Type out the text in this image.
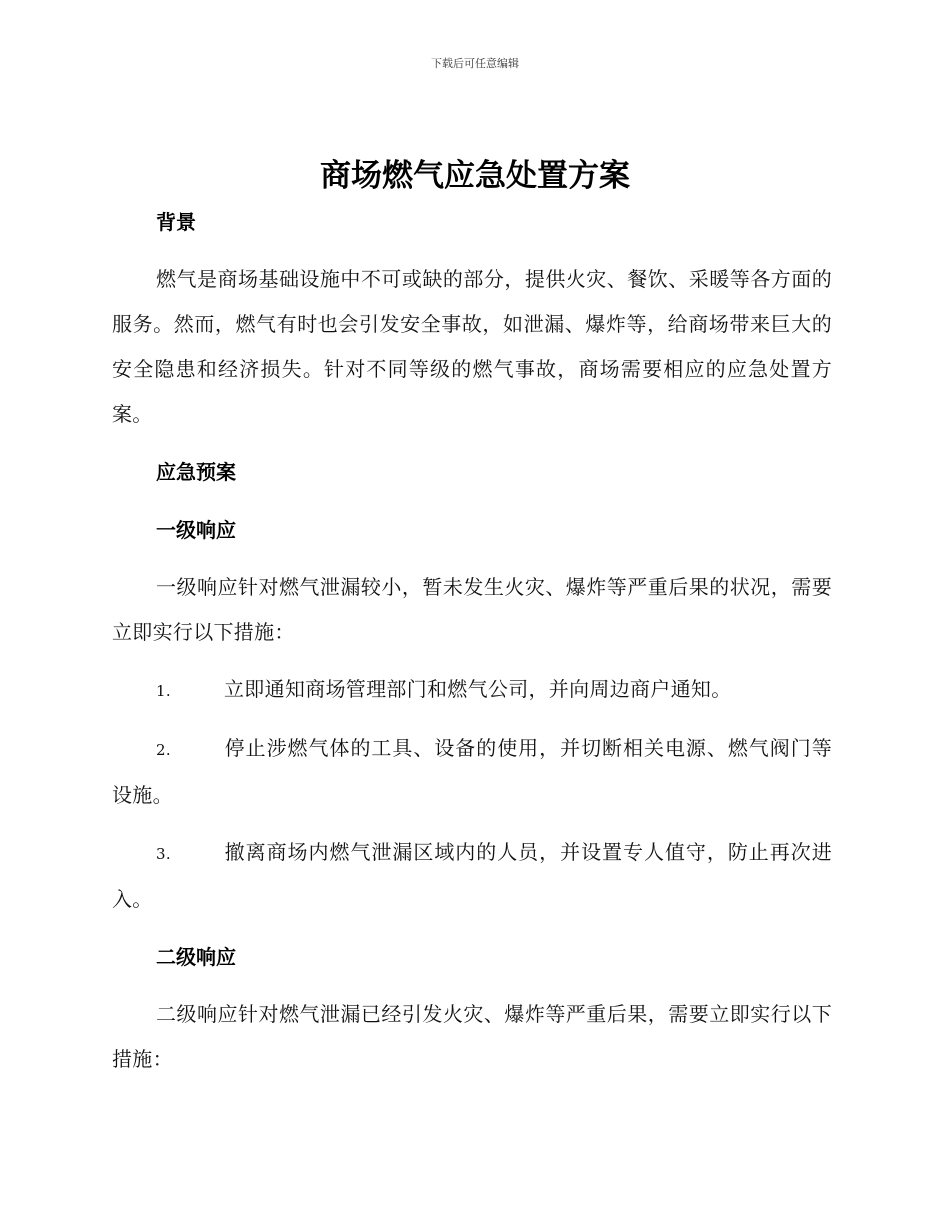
下载后可任意编辑
商场燃气应急处置方案

背景

燃气是商场基础设施中不可或缺的部分，提供火灾、餐饮、采暖等各方面的服务。然而，燃气有时也会引发安全事故，如泄漏、爆炸等，给商场带来巨大的安全隐患和经济损失。针对不同等级的燃气事故，商场需要相应的应急处置方案。

应急预案

一级响应

一级响应针对燃气泄漏较小，暂未发生火灾、爆炸等严重后果的状况，需要立即实行以下措施：

1.	立即通知商场管理部门和燃气公司，并向周边商户通知。

2.	停止涉燃气体的工具、设备的使用，并切断相关电源、燃气阀门等设施。

3.	撤离商场内燃气泄漏区域内的人员，并设置专人值守，防止再次进入。

二级响应

二级响应针对燃气泄漏已经引发火灾、爆炸等严重后果，需要立即实行以下措施：
